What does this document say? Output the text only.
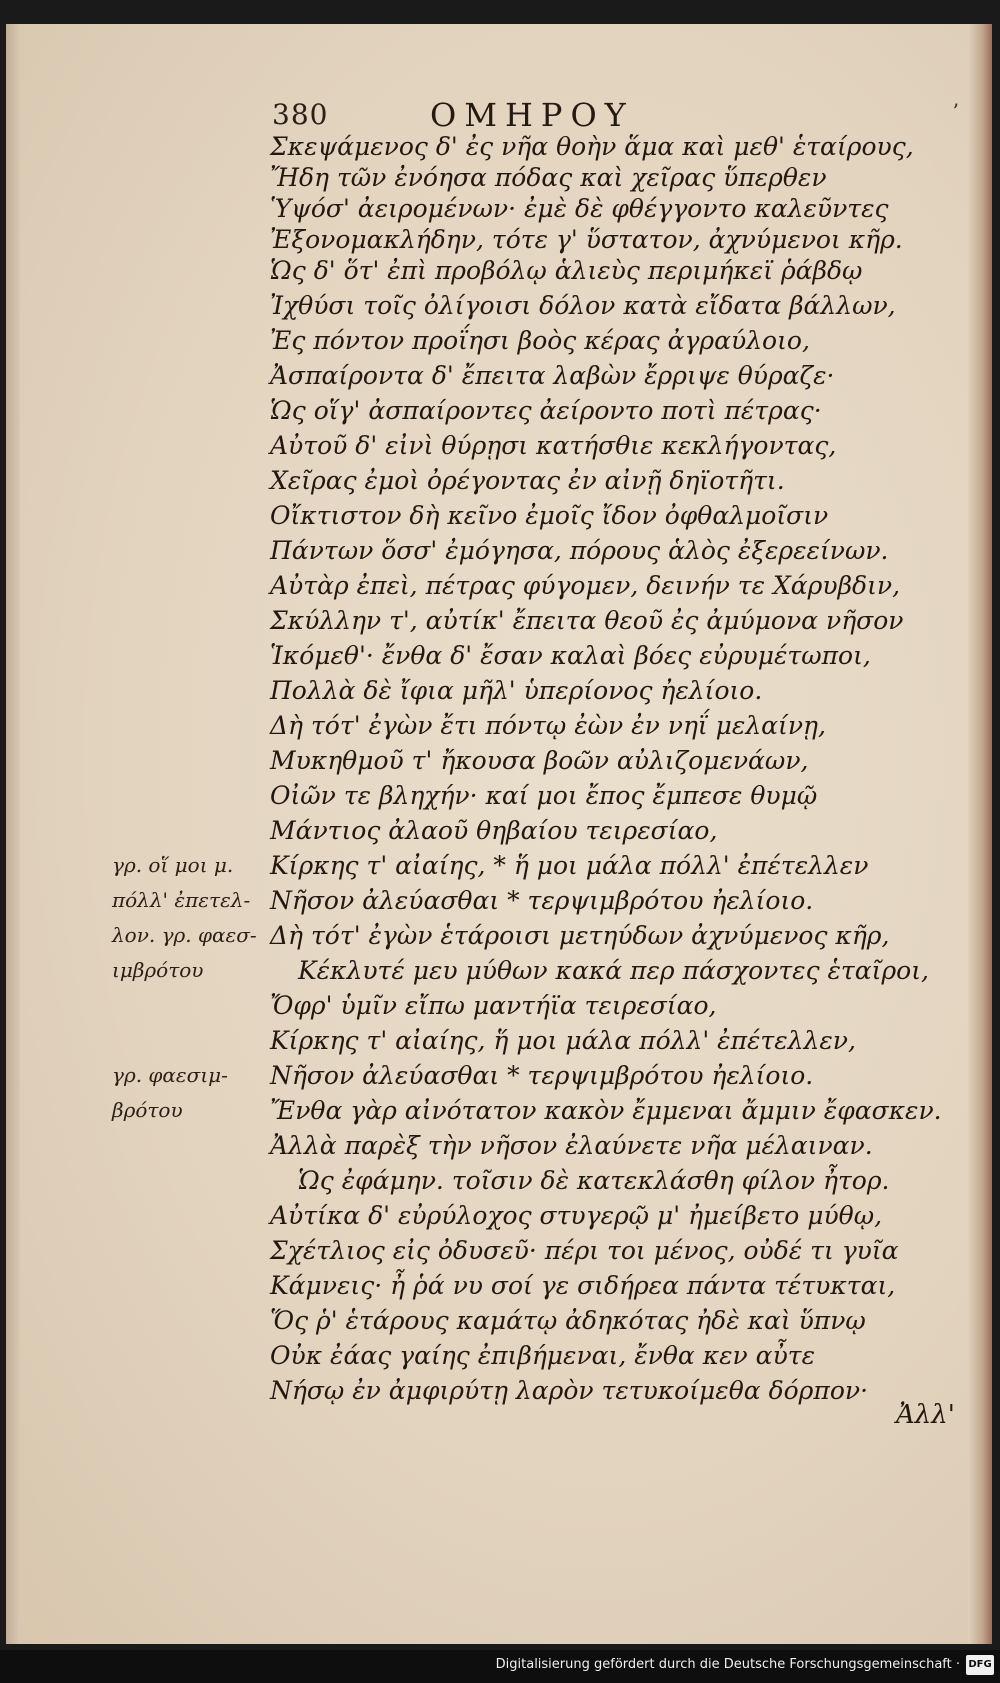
380	ΟΜΗΡΟΥ	ʼ
Σκεψάμενος δ' ἐς νῆα θοὴν ἅμα καὶ μεθ' ἑταίρους,
Ἤδη τῶν ἐνόησα πόδας καὶ χεῖρας ὕπερθεν
Ὑψόσ' ἀειρομένων· ἐμὲ δὲ φθέγγοντο καλεῦντες
Ἐξονομακλήδην, τότε γ' ὕστατον, ἀχνύμενοι κῆρ.
Ὡς δ' ὅτ' ἐπὶ προβόλῳ ἁλιεὺς περιμήκεϊ ῥάβδῳ
Ἰχθύσι τοῖς ὀλίγοισι δόλον κατὰ εἴδατα βάλλων,
Ἐς πόντον προΐησι βοὸς κέρας ἀγραύλοιο,
Ἀσπαίροντα δ' ἔπειτα λαβὼν ἔρριψε θύραζε·
Ὡς οἵγ' ἀσπαίροντες ἀείροντο ποτὶ πέτρας·
Αὐτοῦ δ' εἰνὶ θύρῃσι κατήσθιε κεκλήγοντας,
Χεῖρας ἐμοὶ ὀρέγοντας ἐν αἰνῇ δηϊοτῆτι.
Οἴκτιστον δὴ κεῖνο ἐμοῖς ἴδον ὀφθαλμοῖσιν
Πάντων ὅσσ' ἐμόγησα, πόρους ἁλὸς ἐξερεείνων.
Αὐτὰρ ἐπεὶ, πέτρας φύγομεν, δεινήν τε Χάρυβδιν,
Σκύλλην τ', αὐτίκ' ἔπειτα θεοῦ ἐς ἀμύμονα νῆσον
Ἱκόμεθ'· ἔνθα δ' ἔσαν καλαὶ βόες εὐρυμέτωποι,
Πολλὰ δὲ ἴφια μῆλ' ὑπερίονος ἠελίοιο.
Δὴ τότ' ἐγὼν ἔτι πόντῳ ἐὼν ἐν νηΐ μελαίνῃ,
Μυκηθμοῦ τ' ἤκουσα βοῶν αὐλιζομενάων,
Οἰῶν τε βληχήν· καί μοι ἔπος ἔμπεσε θυμῷ
Μάντιος ἀλαοῦ θηβαίου τειρεσίαο,
Κίρκης τ' αἰαίης, * ἥ μοι μάλα πόλλ' ἐπέτελλεν
Νῆσον ἀλεύασθαι * τερψιμβρότου ἠελίοιο.
Δὴ τότ' ἐγὼν ἑτάροισι μετηύδων ἀχνύμενος κῆρ,
Κέκλυτέ μευ μύθων κακά περ πάσχοντες ἑταῖροι,
Ὄφρ' ὑμῖν εἴπω μαντήϊα τειρεσίαο,
Κίρκης τ' αἰαίης, ἥ μοι μάλα πόλλ' ἐπέτελλεν,
Νῆσον ἀλεύασθαι * τερψιμβρότου ἠελίοιο.
Ἔνθα γὰρ αἰνότατον κακὸν ἔμμεναι ἄμμιν ἔφασκεν.
Ἀλλὰ παρὲξ τὴν νῆσον ἐλαύνετε νῆα μέλαιναν.
Ὡς ἐφάμην. τοῖσιν δὲ κατεκλάσθη φίλον ἦτορ.
Αὐτίκα δ' εὐρύλοχος στυγερῷ μ' ἠμείβετο μύθῳ,
Σχέτλιος εἰς ὀδυσεῦ· πέρι τοι μένος, οὐδέ τι γυῖα
Κάμνεις· ἦ ῥά νυ σοί γε σιδήρεα πάντα τέτυκται,
Ὅς ῥ' ἑτάρους καμάτῳ ἀδηκότας ἠδὲ καὶ ὕπνῳ
Οὐκ ἐάας γαίης ἐπιβήμεναι, ἔνθα κεν αὖτε
Νήσῳ ἐν ἀμφιρύτῃ λαρὸν τετυκοίμεθα δόρπον·
γρ. οἵ μοι μ.
πόλλ' ἐπετελ-
λον. γρ. φαεσ-
ιμβρότου
γρ. φαεσιμ-
βρότου
Ἀλλ'
Digitalisierung gefördert durch die Deutsche Forschungsgemeinschaft · DFG
